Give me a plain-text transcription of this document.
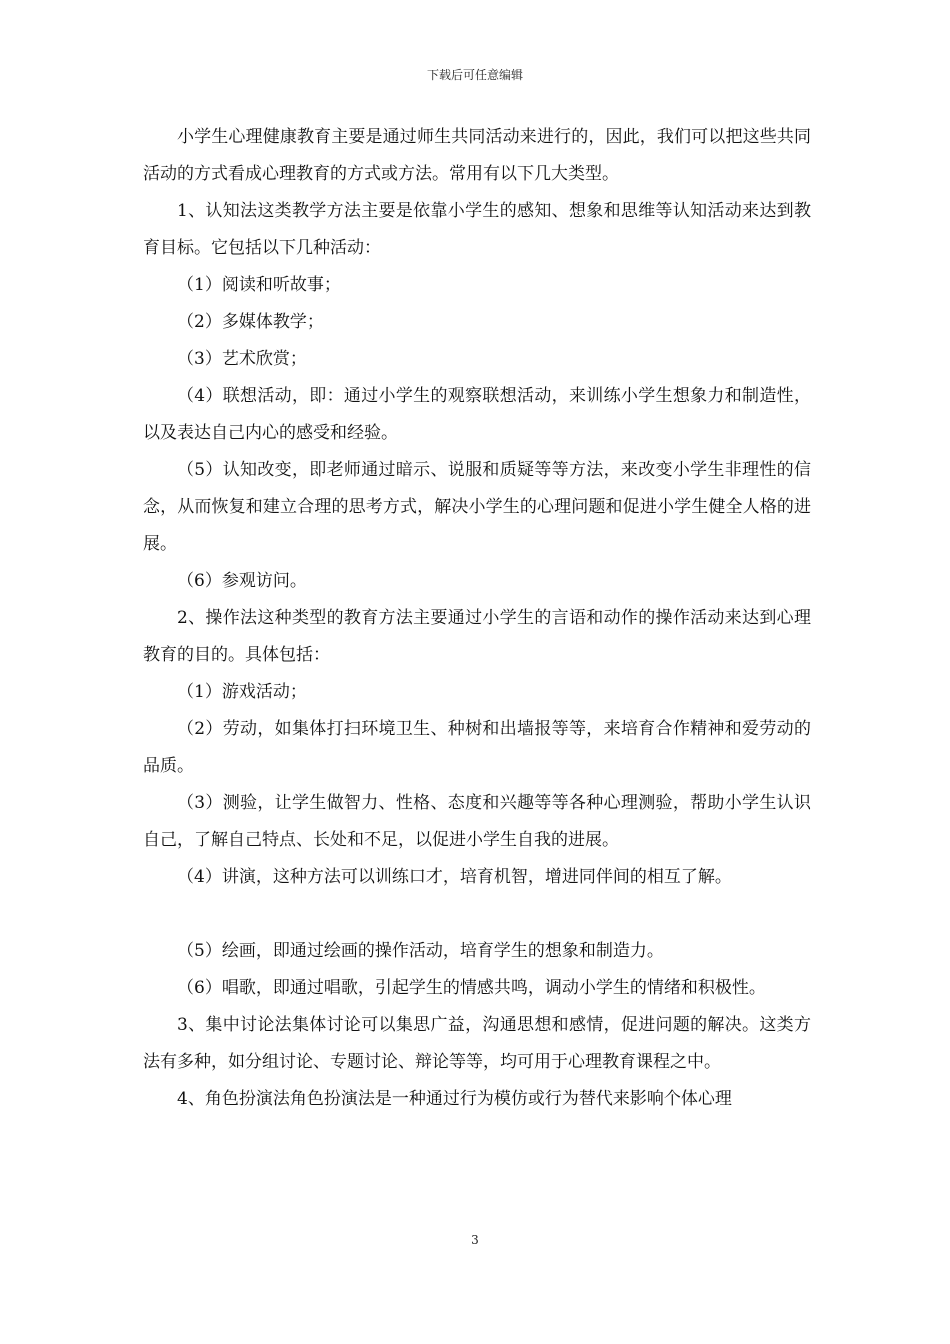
下载后可任意编辑

小学生心理健康教育主要是通过师生共同活动来进行的，因此，我们可以把这些共同活动的方式看成心理教育的方式或方法。常用有以下几大类型。

1、认知法这类教学方法主要是依靠小学生的感知、想象和思维等认知活动来达到教育目标。它包括以下几种活动：

（1）阅读和听故事；

（2）多媒体教学；

（3）艺术欣赏；

（4）联想活动，即：通过小学生的观察联想活动，来训练小学生想象力和制造性，以及表达自己内心的感受和经验。

（5）认知改变，即老师通过暗示、说服和质疑等等方法，来改变小学生非理性的信念，从而恢复和建立合理的思考方式，解决小学生的心理问题和促进小学生健全人格的进展。

（6）参观访问。

2、操作法这种类型的教育方法主要通过小学生的言语和动作的操作活动来达到心理教育的目的。具体包括：

（1）游戏活动；

（2）劳动，如集体打扫环境卫生、种树和出墙报等等，来培育合作精神和爱劳动的品质。

（3）测验，让学生做智力、性格、态度和兴趣等等各种心理测验，帮助小学生认识自己，了解自己特点、长处和不足，以促进小学生自我的进展。

（4）讲演，这种方法可以训练口才，培育机智，增进同伴间的相互了解。

（5）绘画，即通过绘画的操作活动，培育学生的想象和制造力。

（6）唱歌，即通过唱歌，引起学生的情感共鸣，调动小学生的情绪和积极性。

3、集中讨论法集体讨论可以集思广益，沟通思想和感情，促进问题的解决。这类方法有多种，如分组讨论、专题讨论、辩论等等，均可用于心理教育课程之中。

4、角色扮演法角色扮演法是一种通过行为模仿或行为替代来影响个体心理

3
